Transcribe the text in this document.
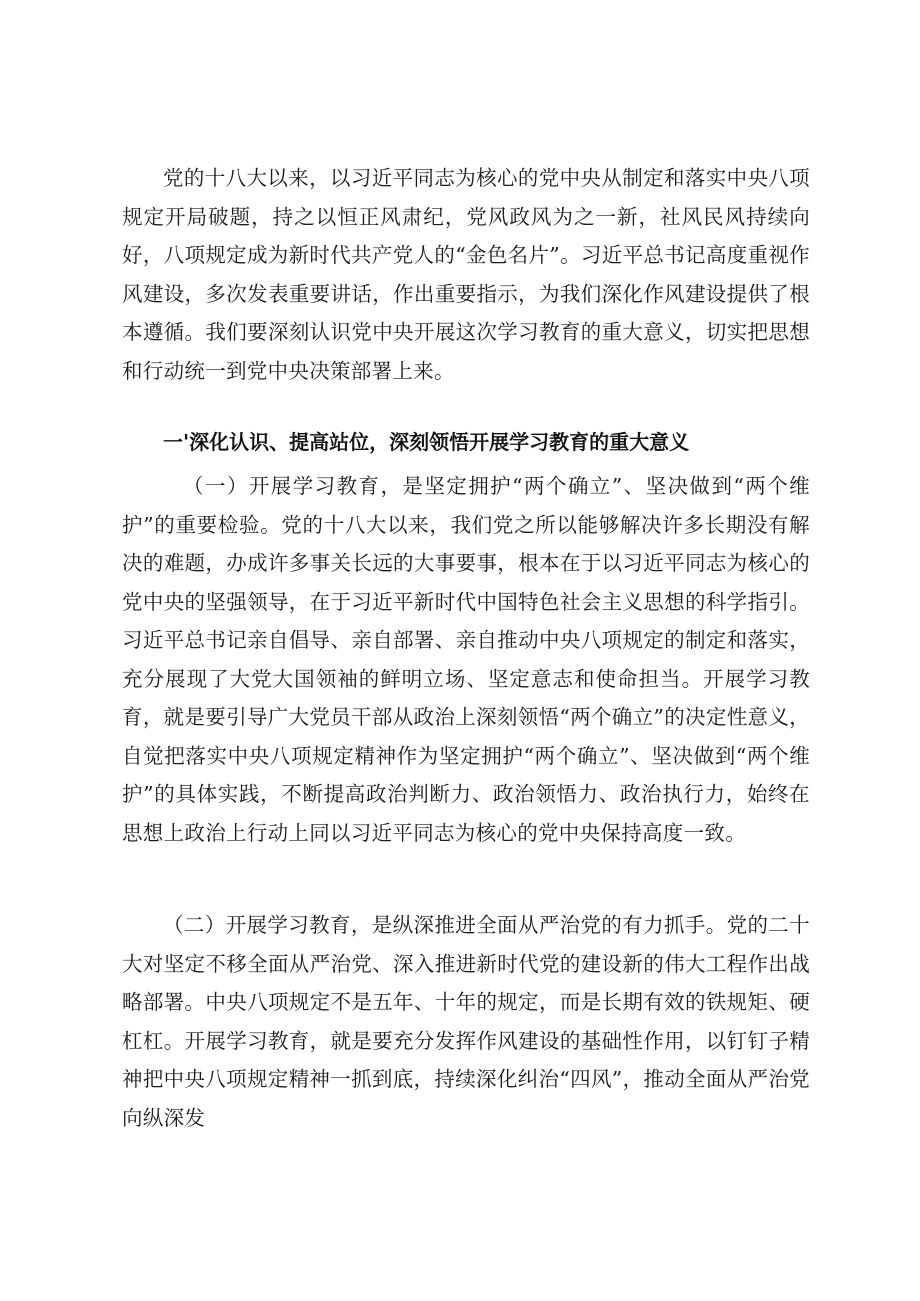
党的十八大以来，以习近平同志为核心的党中央从制定和落实中央八项规定开局破题，持之以恒正风肃纪，党风政风为之一新，社风民风持续向好，八项规定成为新时代共产党人的“金色名片”。习近平总书记高度重视作风建设，多次发表重要讲话，作出重要指示，为我们深化作风建设提供了根本遵循。我们要深刻认识党中央开展这次学习教育的重大意义，切实把思想和行动统一到党中央决策部署上来。

一'深化认识、提高站位，深刻领悟开展学习教育的重大意义

（一）开展学习教育，是坚定拥护“两个确立”、坚决做到“两个维护”的重要检验。党的十八大以来，我们党之所以能够解决许多长期没有解决的难题，办成许多事关长远的大事要事，根本在于以习近平同志为核心的党中央的坚强领导，在于习近平新时代中国特色社会主义思想的科学指引。习近平总书记亲自倡导、亲自部署、亲自推动中央八项规定的制定和落实，充分展现了大党大国领袖的鲜明立场、坚定意志和使命担当。开展学习教育，就是要引导广大党员干部从政治上深刻领悟“两个确立”的决定性意义，自觉把落实中央八项规定精神作为坚定拥护“两个确立”、坚决做到“两个维护”的具体实践，不断提高政治判断力、政治领悟力、政治执行力，始终在思想上政治上行动上同以习近平同志为核心的党中央保持高度一致。

（二）开展学习教育，是纵深推进全面从严治党的有力抓手。党的二十大对坚定不移全面从严治党、深入推进新时代党的建设新的伟大工程作出战略部署。中央八项规定不是五年、十年的规定，而是长期有效的铁规矩、硬杠杠。开展学习教育，就是要充分发挥作风建设的基础性作用，以钉钉子精神把中央八项规定精神一抓到底，持续深化纠治“四风”，推动全面从严治党向纵深发
